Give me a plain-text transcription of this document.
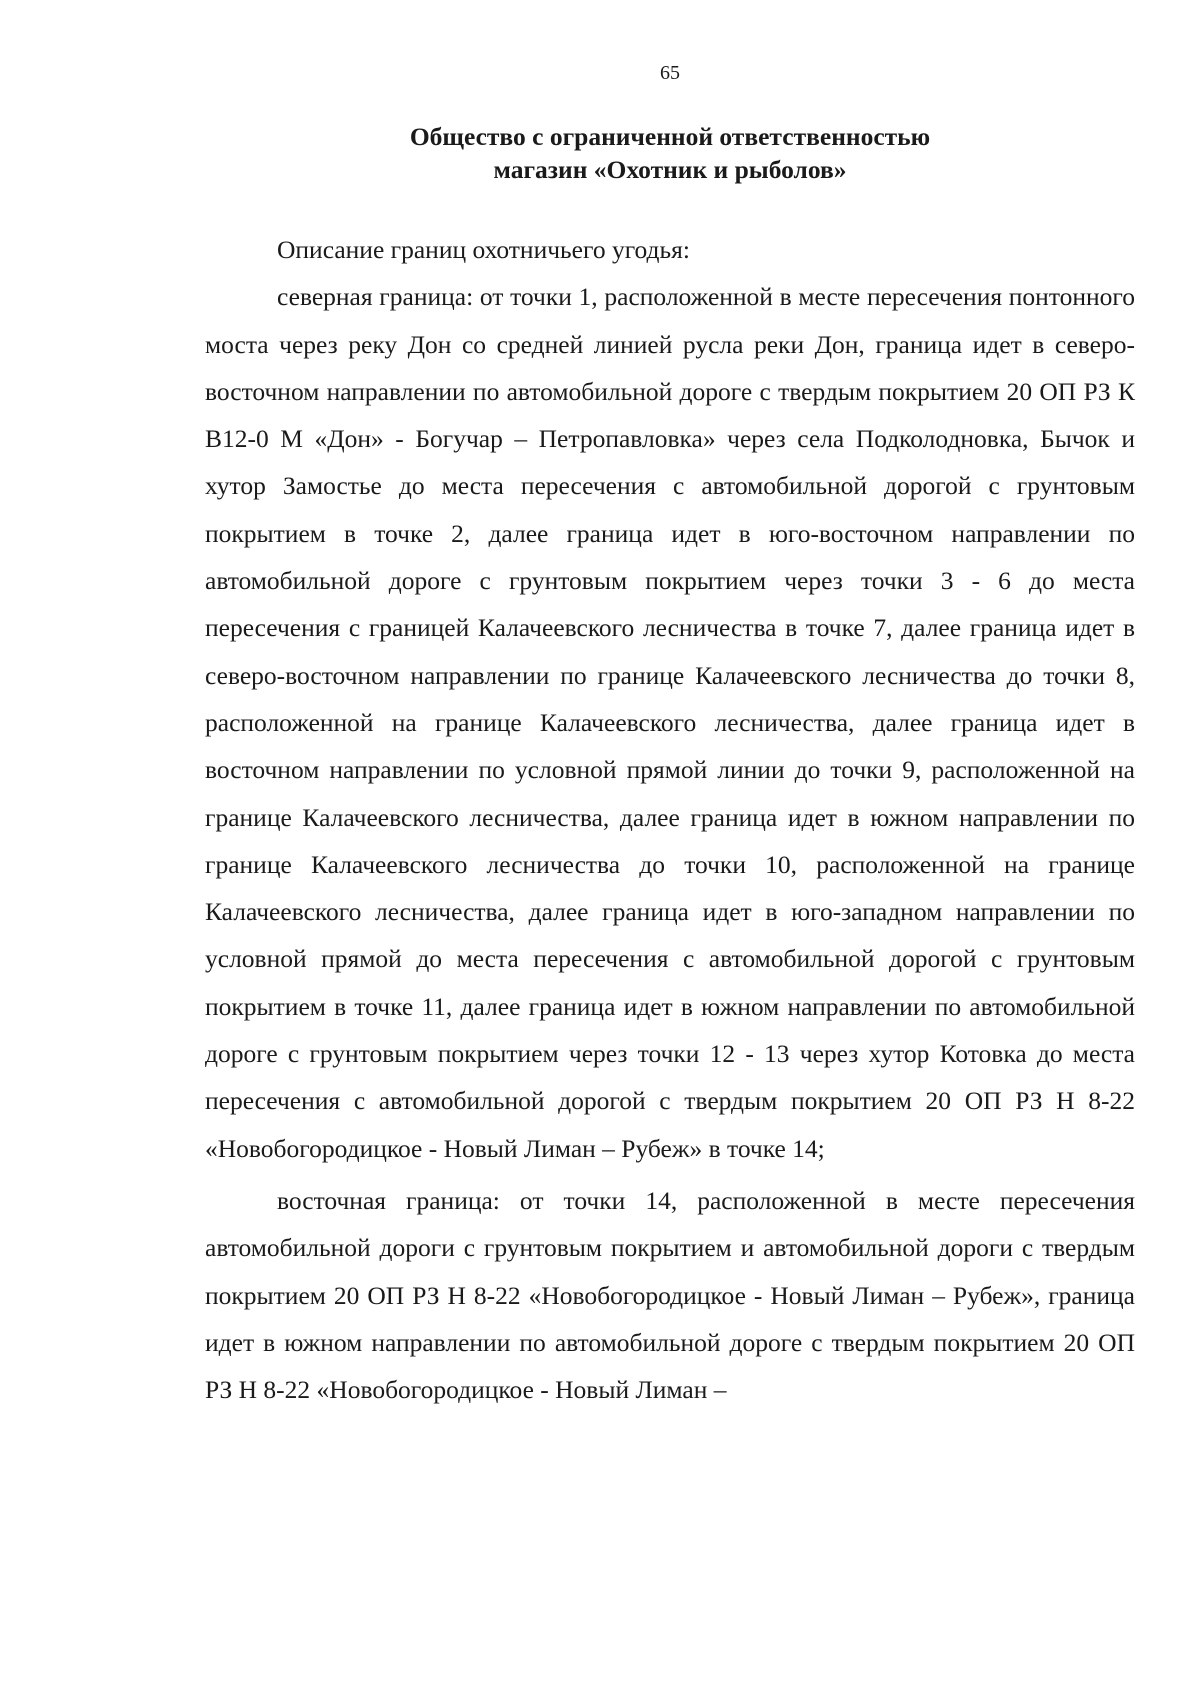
65
Общество с ограниченной ответственностью
магазин «Охотник и рыболов»

Описание границ охотничьего угодья:

северная граница: от точки 1, расположенной в месте пересечения понтонного моста через реку Дон со средней линией русла реки Дон, граница идет в северо-восточном направлении по автомобильной дороге с твердым покрытием 20 ОП РЗ К В12-0 М «Дон» - Богучар – Петропавловка» через села Подколодновка, Бычок и хутор Замостье до места пересечения с автомобильной дорогой с грунтовым покрытием в точке 2, далее граница идет в юго-восточном направлении по автомобильной дороге с грунтовым покрытием через точки 3 - 6 до места пересечения с границей Калачеевского лесничества в точке 7, далее граница идет в северо-восточном направлении по границе Калачеевского лесничества до точки 8, расположенной на границе Калачеевского лесничества, далее граница идет в восточном направлении по условной прямой линии до точки 9, расположенной на границе Калачеевского лесничества, далее граница идет в южном направлении по границе Калачеевского лесничества до точки 10, расположенной на границе Калачеевского лесничества, далее граница идет в юго-западном направлении по условной прямой до места пересечения с автомобильной дорогой с грунтовым покрытием в точке 11, далее граница идет в южном направлении по автомобильной дороге с грунтовым покрытием через точки 12 - 13 через хутор Котовка до места пересечения с автомобильной дорогой с твердым покрытием 20 ОП РЗ Н 8-22 «Новобогородицкое - Новый Лиман – Рубеж» в точке 14;

восточная граница: от точки 14, расположенной в месте пересечения автомобильной дороги с грунтовым покрытием и автомобильной дороги с твердым покрытием 20 ОП РЗ Н 8-22 «Новобогородицкое - Новый Лиман – Рубеж», граница идет в южном направлении по автомобильной дороге с твердым покрытием 20 ОП РЗ Н 8-22 «Новобогородицкое - Новый Лиман –
